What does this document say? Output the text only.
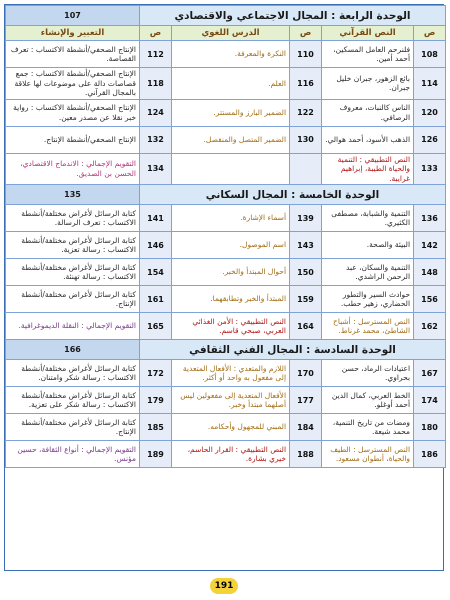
الوحدة الرابعة : المجال الاجتماعي والاقتصادي					107
ص	النص القرآني	ص	الدرس اللغوي	ص	التعبير والإنشاء
108	فلنرحم العامل المسكين، أحمد أمين.	110	النكرة والمعرفة.	112	الإنتاج الصحفي/أنشطة الاكتساب : تعرف القصاصة.
114	بائع الزهور، جبران خليل جبران.	116	العلم.	118	الإنتاج الصحفي/أنشطة الاكتساب : جمع قصاصات دالة على موضوعات لها علاقة بالمجال القرآني.
120	الناس كالنبات، معروف الرصافي.	122	الضمير البارز والمستتر.	124	الإنتاج الصحفي/أنشطة الاكتساب : رواية خبر نقلا عن مصدر معين.
126	الذهب الأسود، أحمد هوالي.	130	الضمير المتصل والمنفصل.	132	الإنتاج الصحفي/أنشطة الإنتاج.
133	النص التطبيقي : التنمية والحياة الطيبة، إبراهيم غرايبة.			134	التقويم الإجمالي : الاندماج الاقتصادي، الحسن بن الصديق.
الوحدة الخامسة : المجال السكاني					135
136	التنمية والشبابة، مصطفى الكثيري.	139	أسماء الإشارة.	141	كتابة الرسائل لأغراض مختلفة/أنشطة الاكتساب : تعرف الرسالة.
142	البيئة والصحة.	143	اسم الموصول.	146	كتابة الرسائل لأغراض مختلفة/أنشطة الاكتساب : رسالة تعزية.
148	التنمية والسكان، عبد الرحمن الراشدي.	150	أحوال المبتدأ والخبر.	154	كتابة الرسائل لأغراض مختلفة/أنشطة الاكتساب : رسالة تهنئة.
156	حوادث السير والتطور الحضاري، زهير حطب.	159	المبتدأ والخبر وتطابقهما.	161	كتابة الرسائل لأغراض مختلفة/أنشطة الإنتاج.
162	النص المسترسل : أشباح الشاطئ، محمد غرناط.	164	النص التطبيقي : الأمن الغذائي العربي، صبحي قاسم.	165	التقويم الإجمالي : النقلة الديموغرافية.
الوحدة السادسة : المجال الفني الثقافي					166
167	اعتيادات الرماد، حسن بحراوي.	170	اللازم والمتعدي : الأفعال المتعدية إلى مفعول به واحد أو أكثر.	172	كتابة الرسائل لأغراض مختلفة/أنشطة الاكتساب : رسالة شكر وامتنان.
174	الخط العربي، كمال الدين أحمد أوغلو.	177	الأفعال المتعدية إلى مفعولين ليس أصلهما مبتدأ وخبر.	179	كتابة الرسائل لأغراض مختلفة/أنشطة الاكتساب : رسالة شكر على تعزية.
180	ومضات من تاريخ التنمية، محمد شيعة.	184	المبني للمجهول وأحكامه.	185	كتابة الرسائل لأغراض مختلفة/أنشطة الإنتاج.
186	النص المسترسل : الطيف والحياة، أنطوان مسعود.	188	النص التطبيقي : القرار الحاسم، خيري بشارة.	189	التقويم الإجمالي : أنواع الثقافة، حسين مؤنس.
191
